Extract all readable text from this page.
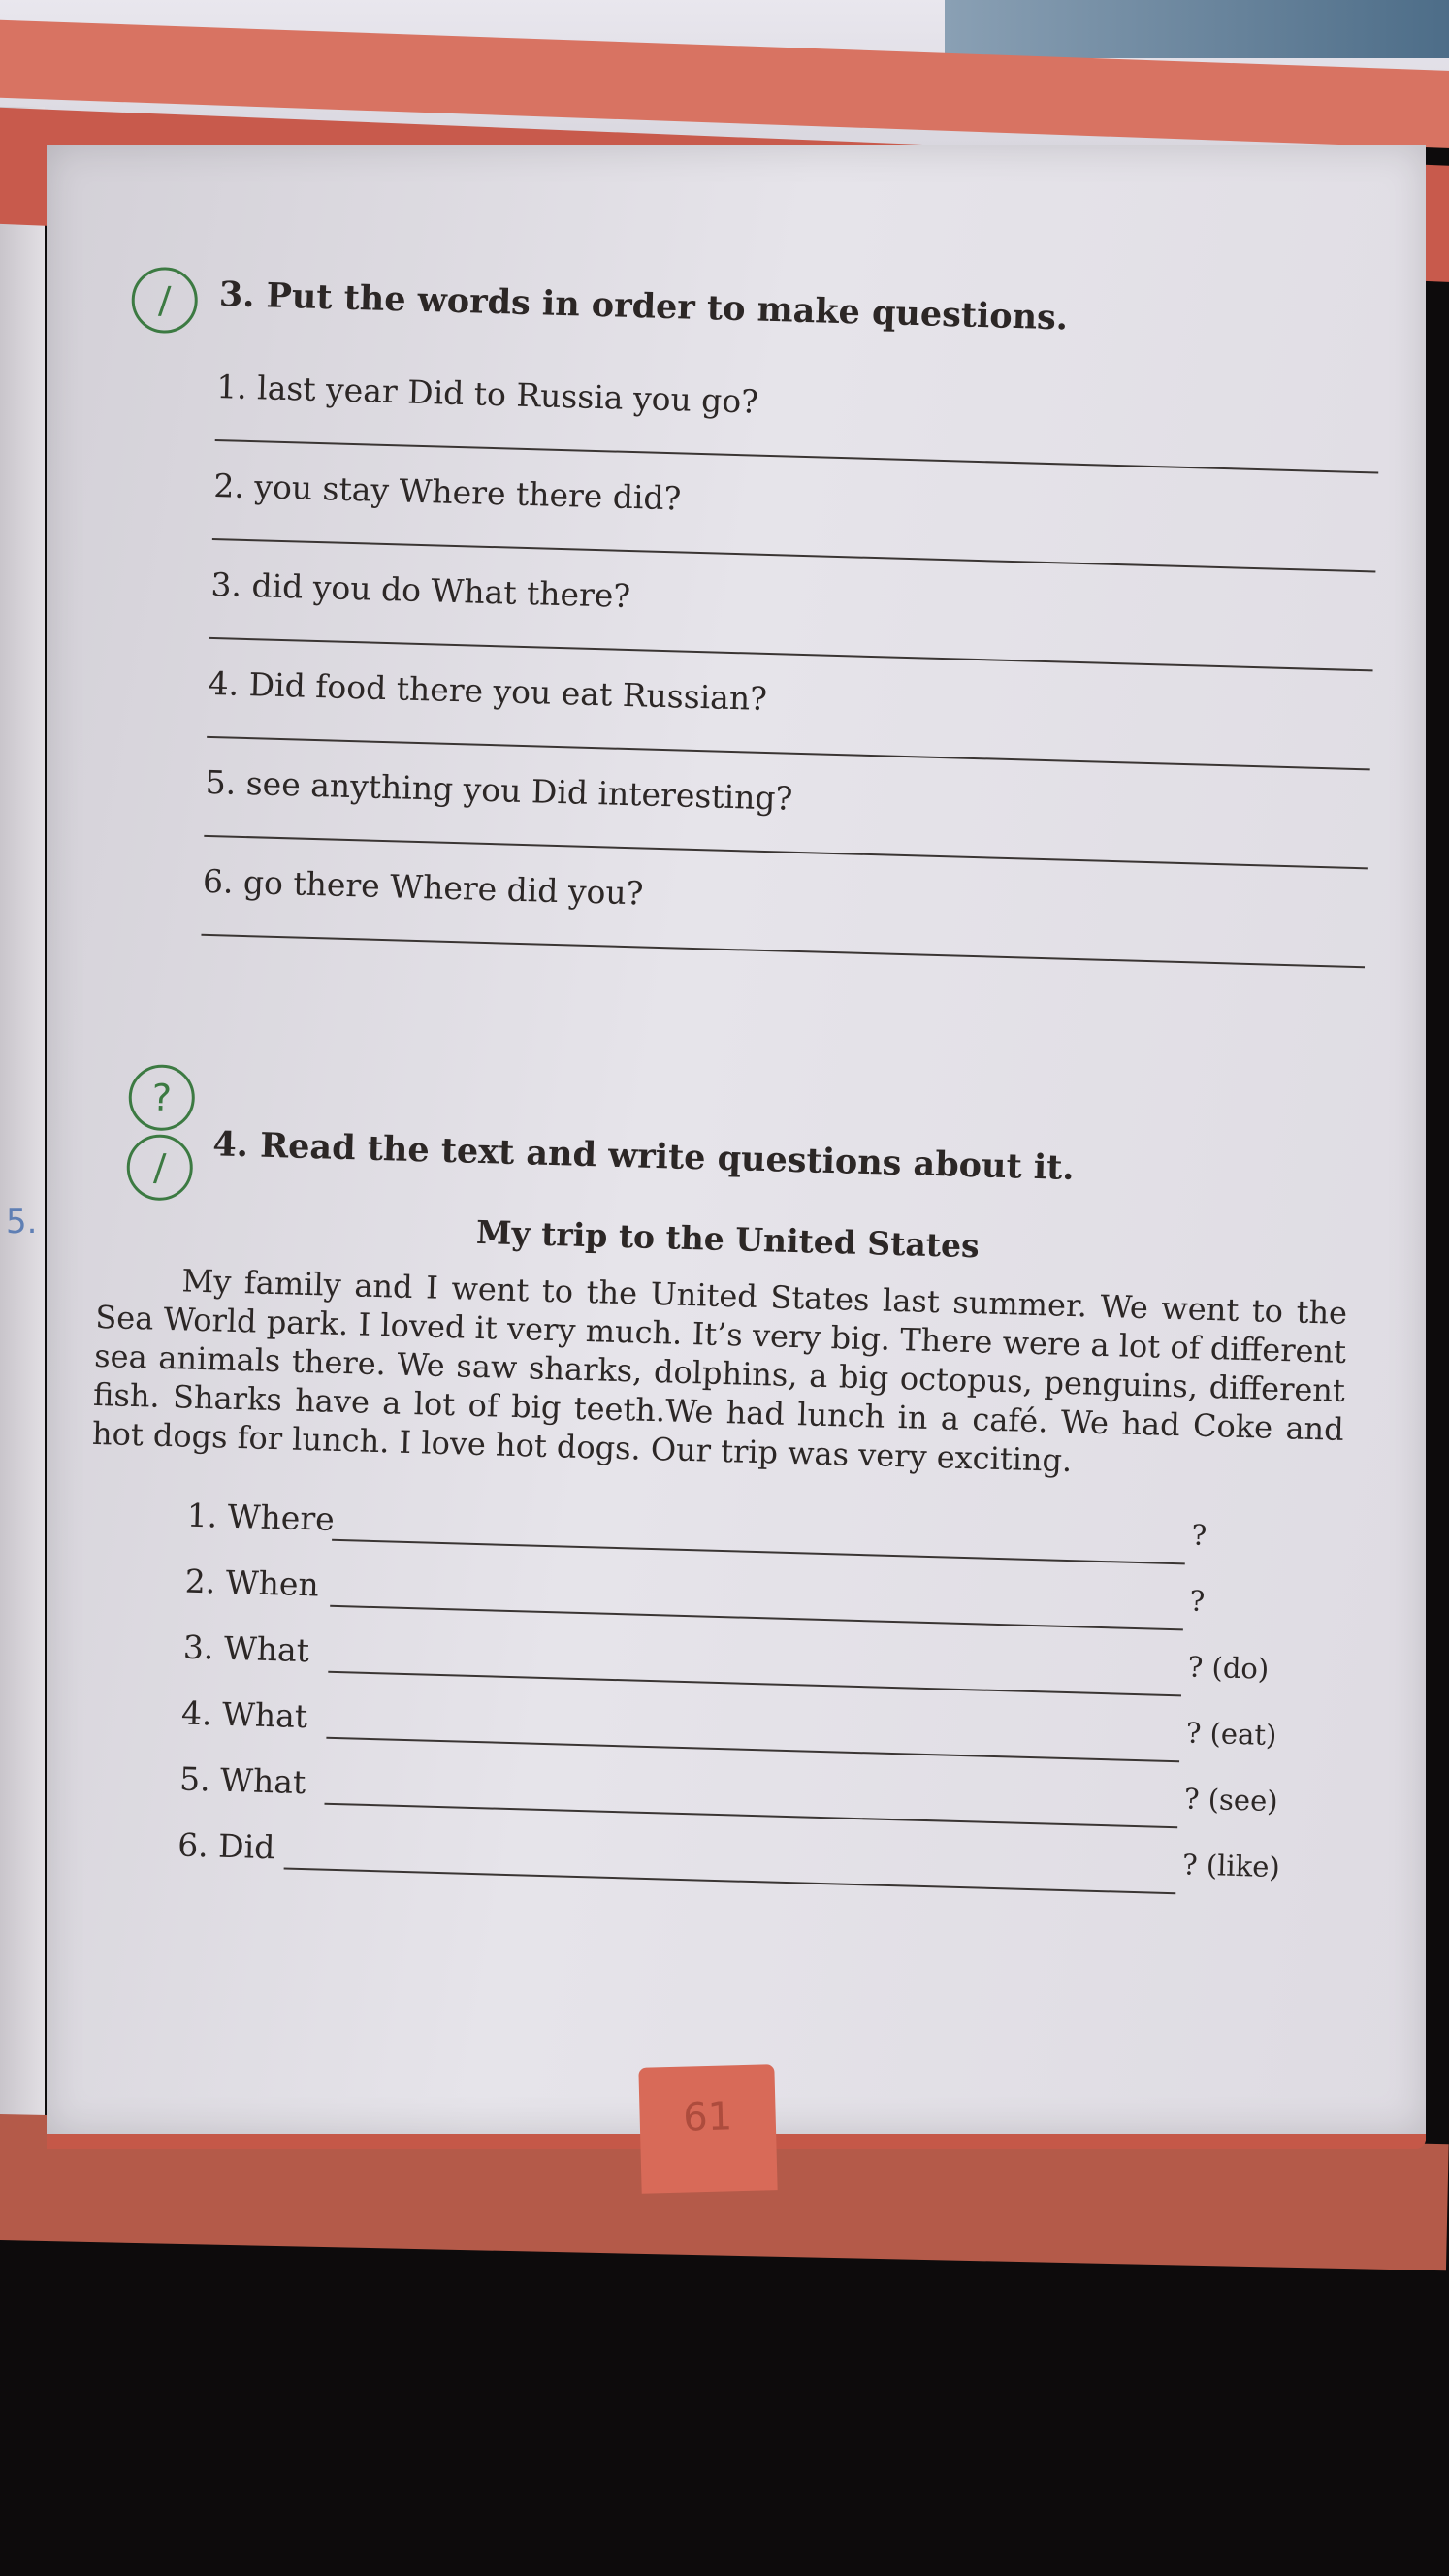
5.
/	3. Put the words in order to make questions.
1. last year Did to Russia you go?
2. you stay Where there did?
3. did you do What there?
4. Did food there you eat Russian?
5. see anything you Did interesting?
6. go there Where did you?
?
/	4. Read the text and write questions about it.
My trip to the United States
My family and I went to the United States last summer. We went to the Sea World park. I loved it very much. It’s very big. There were a lot of different sea animals there. We saw sharks, dolphins, a big octopus, penguins, different fish. Sharks have a lot of big teeth.We had lunch in a café. We had Coke and hot dogs for lunch. I love hot dogs. Our trip was very exciting.
1. Where	?
2. When	?
3. What	? (do)
4. What	? (eat)
5. What	? (see)
6. Did	? (like)
61
